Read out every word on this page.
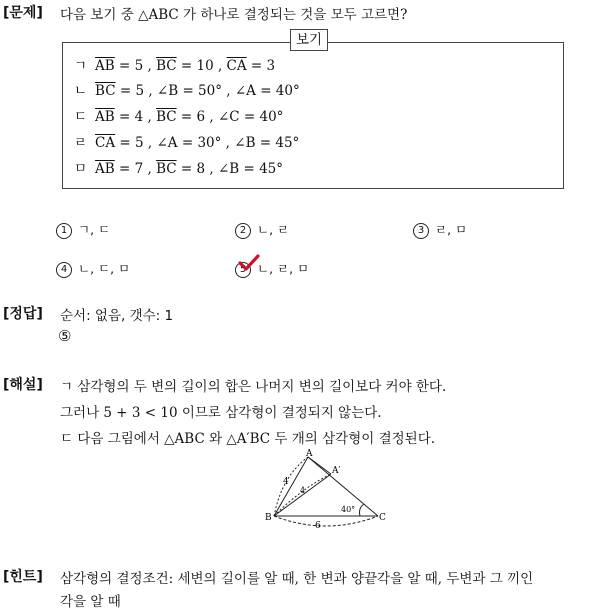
[문제] 다음 보기 중 △ABC 가 하나로 결정되는 것을 모두 고르면?
보기
ㄱ $\overline{AB} = 5$ , $\overline{BC} = 10$ , $\overline{CA} = 3$
ㄴ $\overline{BC} = 5$ , ∠B = 50° , ∠A = 40°
ㄷ $\overline{AB} = 4$ , $\overline{BC} = 6$ , ∠C = 40°
ㄹ $\overline{CA} = 5$ , ∠A = 30° , ∠B = 45°
ㅁ $\overline{AB} = 7$ , $\overline{BC} = 8$ , ∠B = 45°
1 ㄱ, ㄷ	2 ㄴ, ㄹ	3 ㄹ, ㅁ
4 ㄴ, ㄷ, ㅁ	5 ㄴ, ㄹ, ㅁ
[정답] 순서: 없음, 갯수: 1
⑤
[해설] ㄱ 삼각형의 두 변의 길이의 합은 나머지 변의 길이보다 커야 한다.
그러나 5 + 3 < 10 이므로 삼각형이 결정되지 않는다.
ㄷ 다음 그림에서 △ABC 와 △A′BC 두 개의 삼각형이 결정된다.
A
A′
B	C
4
4
6
40°
[힌트] 삼각형의 결정조건: 세변의 길이를 알 때, 한 변과 양끝각을 알 때, 두변과 그 끼인
각을 알 때
